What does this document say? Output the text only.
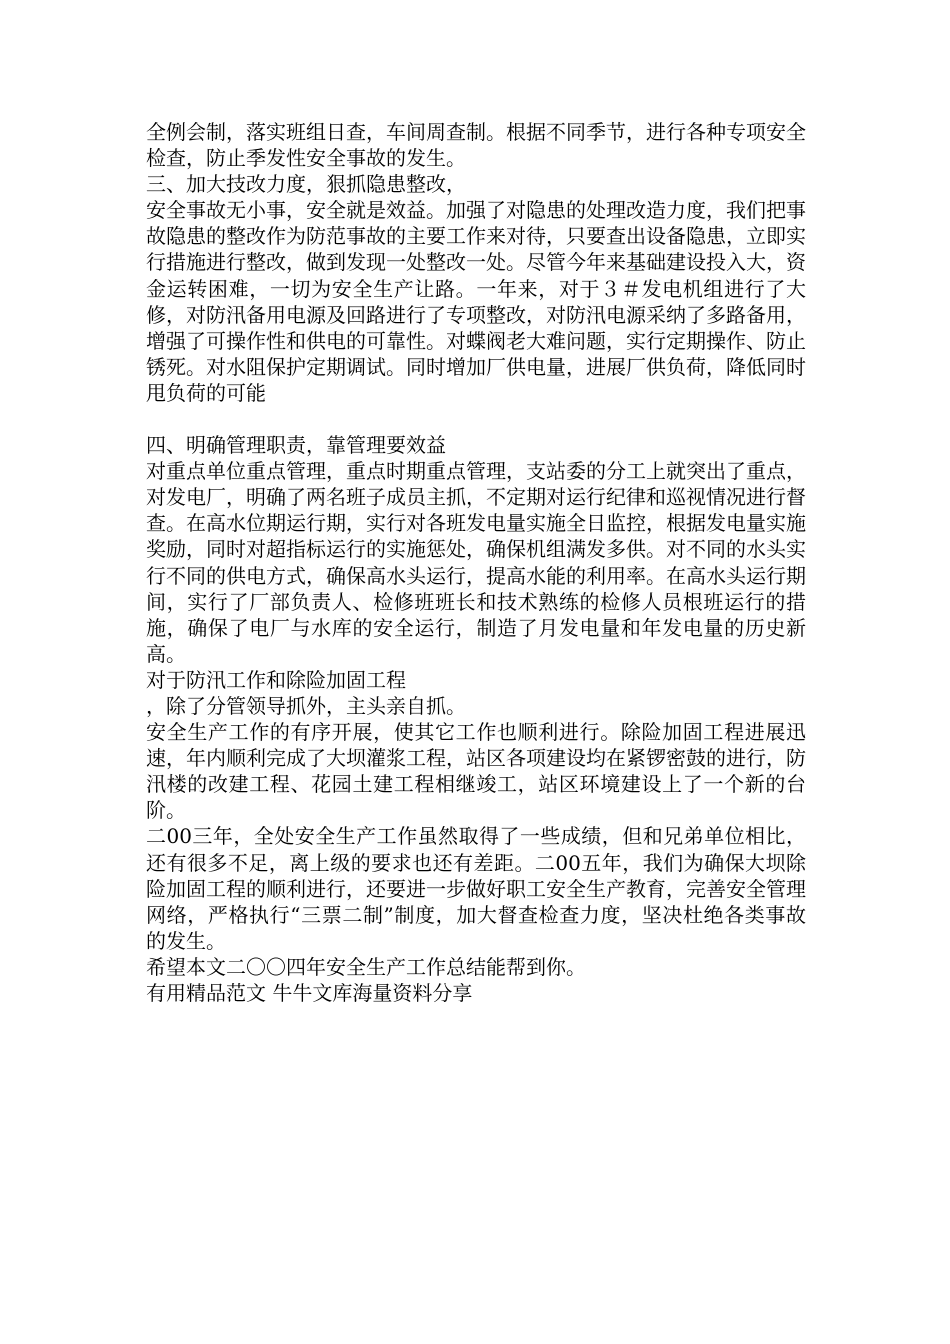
全例会制，落实班组日查，车间周查制。根据不同季节，进行各种专项安全检查，防止季发性安全事故的发生。

三、加大技改力度，狠抓隐患整改，

安全事故无小事，安全就是效益。加强了对隐患的处理改造力度，我们把事故隐患的整改作为防范事故的主要工作来对待，只要查出设备隐患，立即实行措施进行整改，做到发现一处整改一处。尽管今年来基础建设投入大，资金运转困难，一切为安全生产让路。一年来，对于３＃发电机组进行了大修，对防汛备用电源及回路进行了专项整改，对防汛电源采纳了多路备用，增强了可操作性和供电的可靠性。对蝶阀老大难问题，实行定期操作、防止锈死。对水阻保护定期调试。同时增加厂供电量，进展厂供负荷，降低同时甩负荷的可能

四、明确管理职责，靠管理要效益

对重点单位重点管理，重点时期重点管理，支站委的分工上就突出了重点，对发电厂，明确了两名班子成员主抓，不定期对运行纪律和巡视情况进行督查。在高水位期运行期，实行对各班发电量实施全日监控，根据发电量实施奖励，同时对超指标运行的实施惩处，确保机组满发多供。对不同的水头实行不同的供电方式，确保高水头运行，提高水能的利用率。在高水头运行期间，实行了厂部负责人、检修班班长和技术熟练的检修人员根班运行的措施，确保了电厂与水库的安全运行，制造了月发电量和年发电量的历史新高。

对于防汛工作和除险加固工程

，除了分管领导抓外，主头亲自抓。

安全生产工作的有序开展，使其它工作也顺利进行。除险加固工程进展迅速，年内顺利完成了大坝灌浆工程，站区各项建设均在紧锣密鼓的进行，防汛楼的改建工程、花园土建工程相继竣工，站区环境建设上了一个新的台阶。

二00三年，全处安全生产工作虽然取得了一些成绩，但和兄弟单位相比，还有很多不足，离上级的要求也还有差距。二00五年，我们为确保大坝除险加固工程的顺利进行，还要进一步做好职工安全生产教育，完善安全管理网络，严格执行“三票二制”制度，加大督查检查力度，坚决杜绝各类事故的发生。

希望本文二〇〇四年安全生产工作总结能帮到你。

有用精品范文 牛牛文库海量资料分享
